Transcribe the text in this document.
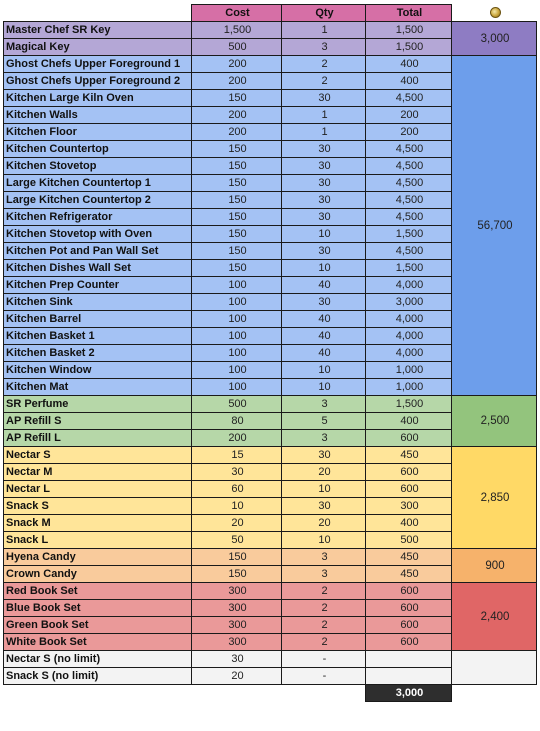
	Cost	Qty	Total	
Master Chef SR Key	1,500	1	1,500	3,000
Magical Key	500	3	1,500	
Ghost Chefs Upper Foreground 1	200	2	400	56,700
Ghost Chefs Upper Foreground 2	200	2	400	
Kitchen Large Kiln Oven	150	30	4,500	
Kitchen Walls	200	1	200	
Kitchen Floor	200	1	200	
Kitchen Countertop	150	30	4,500	
Kitchen Stovetop	150	30	4,500	
Large Kitchen Countertop 1	150	30	4,500	
Large Kitchen Countertop 2	150	30	4,500	
Kitchen Refrigerator	150	30	4,500	
Kitchen Stovetop with Oven	150	10	1,500	
Kitchen Pot and Pan Wall Set	150	30	4,500	
Kitchen Dishes Wall Set	150	10	1,500	
Kitchen Prep Counter	100	40	4,000	
Kitchen Sink	100	30	3,000	
Kitchen Barrel	100	40	4,000	
Kitchen Basket 1	100	40	4,000	
Kitchen Basket 2	100	40	4,000	
Kitchen Window	100	10	1,000	
Kitchen Mat	100	10	1,000	
SR Perfume	500	3	1,500	2,500
AP Refill S	80	5	400	
AP Refill L	200	3	600	
Nectar S	15	30	450	2,850
Nectar M	30	20	600	
Nectar L	60	10	600	
Snack S	10	30	300	
Snack M	20	20	400	
Snack L	50	10	500	
Hyena Candy	150	3	450	900
Crown Candy	150	3	450	
Red Book Set	300	2	600	2,400
Blue Book Set	300	2	600	
Green Book Set	300	2	600	
White Book Set	300	2	600	
Nectar S (no limit)	30	-		
Snack S (no limit)	20	-		
			3,000	
